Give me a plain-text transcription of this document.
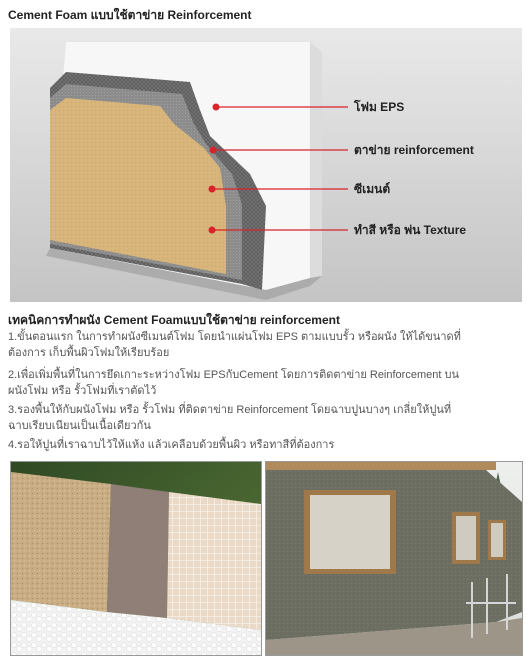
Cement Foam แบบใช้ตาข่าย Reinforcement
โฟม EPS
ตาข่าย reinforcement
ซีเมนต์
ทำสี หรือ พ่น Texture
เทคนิคการทำผนัง Cement Foamแบบใช้ตาข่าย reinforcement
1.ขั้นตอนแรก ในการทำผนังซีเมนต์โฟม โดยนำแผ่นโฟม EPS ตามแบบรั้ว หรือผนัง ให้ได้ขนาดที่
ต้องการ เก็บพื้นผิวโฟมให้เรียบร้อย
2.เพื่อเพิ่มพื้นที่ในการยึดเกาะระหว่างโฟม EPSกับCement โดยการติดตาข่าย Reinforcement บน
ผนังโฟม หรือ รั้วโฟมที่เราตัดไว้
3.รองพื้นให้กับผนังโฟม หรือ รั้วโฟม ที่ติดตาข่าย Reinforcement โดยฉาบปูนบางๆ เกลี่ยให้ปูนที่
ฉาบเรียบเนียนเป็นเนื้อเดียวกัน
4.รอให้ปูนที่เราฉาบไว้ให้แห้ง แล้วเคลือบด้วยพื้นผิว หรือทาสีที่ต้องการ
